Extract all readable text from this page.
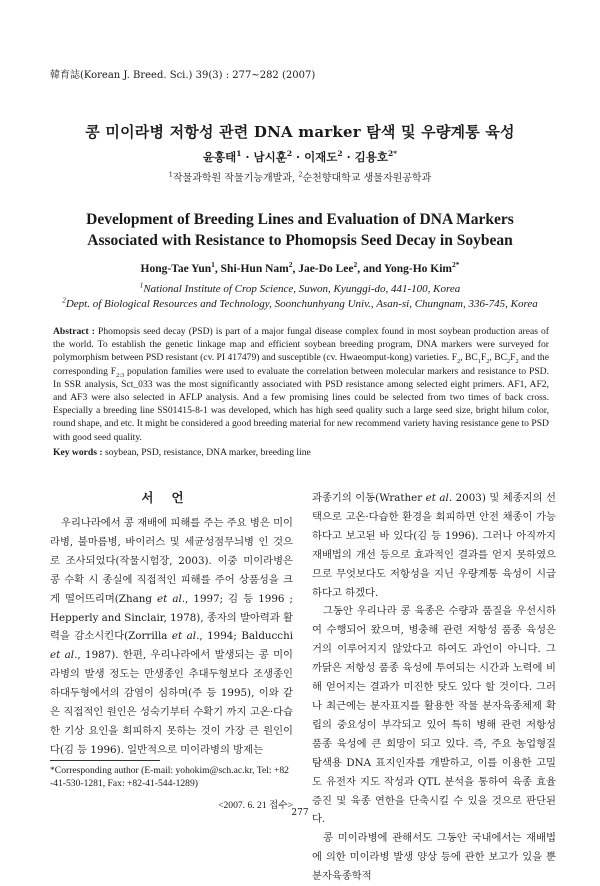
韓育誌(Korean J. Breed. Sci.) 39(3) : 277~282 (2007)
콩 미이라병 저항성 관련 DNA marker 탐색 및 우량계통 육성
윤홍태$^1$ · 남시훈$^2$ · 이재도$^2$ · 김용호$^{2*}$
$^1$작물과학원 작물기능개발과, $^2$순천향대학교 생물자원공학과
Development of Breeding Lines and Evaluation of DNA Markers
Associated with Resistance to Phomopsis Seed Decay in Soybean
Hong-Tae Yun$^1$, Shi-Hun Nam$^2$, Jae-Do Lee$^2$, and Yong-Ho Kim$^{2*}$
$^1$National Institute of Crop Science, Suwon, Kyunggi-do, 441-100, Korea
$^2$Dept. of Biological Resources and Technology, Soonchunhyang Univ., Asan-si, Chungnam, 336-745, Korea
Abstract : Phomopsis seed decay (PSD) is part of a major fungal disease complex found in most soybean production areas of the world. To establish the genetic linkage map and efficient soybean breeding program, DNA markers were surveyed for polymorphism between PSD resistant (cv. PI 417479) and susceptible (cv. Hwaeomput-kong) varieties. $F_2$, $BC_1F_2$, $BC_2F_2$ and the corresponding $F_{2:3}$ population families were used to evaluate the correlation between molecular markers and resistance to PSD. In SSR analysis, Sct_033 was the most significantly associated with PSD resistance among selected eight primers. AF1, AF2, and AF3 were also selected in AFLP analysis. And a few promising lines could be selected from two times of back cross. Especially a breeding line SS01415-8-1 was developed, which has high seed quality such a large seed size, bright hilum color, round shape, and etc. It might be considered a good breeding material for new recommend variety having resistance gene to PSD with good seed quality.
Key words : soybean, PSD, resistance, DNA marker, breeding line
서언

우리나라에서 콩 재배에 피해를 주는 주요 병은 미이라병, 불마름병, 바이러스 및 세균성점무늬병 인 것으로 조사되었다(작물시험장, 2003). 이중 미이라병은 콩 수확 시 종실에 직접적인 피해를 주어 상품성을 크게 떨어뜨리며(Zhang et al., 1997; 김 등 1996 ; Hepperly and Sinclair, 1978), 종자의 발아력과 활력을 감소시킨다(Zorrilla et al., 1994; Balducchi et al., 1987). 한편, 우리나라에서 발생되는 콩 미이라병의 발생 정도는 만생종인 추대두형보다 조생종인 하대두형에서의 감염이 심하며(주 등 1995), 이와 같은 직접적인 원인은 성숙기부터 수확기 까지 고온·다습한 기상 요인을 회피하지 못하는 것이 가장 큰 원인이다(김 등 1996). 일반적으로 미이라병의 방제는

과종기의 이동(Wrather et al. 2003) 및 체종지의 선택으로 고온·다습한 환경을 회피하면 안전 채종이 가능하다고 보고된 바 있다(김 등 1996). 그러나 아직까지 재배법의 개선 등으로 효과적인 결과를 얻지 못하였으므로 무엇보다도 저항성을 지닌 우량계통 육성이 시급하다고 하겠다.

그동안 우리나라 콩 육종은 수량과 품질을 우선시하여 수행되어 왔으며, 병충해 관련 저항성 품종 육성은 거의 이루어지지 않았다고 하여도 과언이 아니다. 그 까닭은 저항성 품종 육성에 투여되는 시간과 노력에 비해 얻어지는 결과가 미진한 탓도 있다 할 것이다. 그러나 최근에는 분자표지를 활용한 작물 분자육종체제 확립의 중요성이 부각되고 있어 특히 병해 관련 저항성 품종 육성에 큰 희망이 되고 있다. 즉, 주요 농업형질 탐색용 DNA 표지인자를 개발하고, 이를 이용한 고밀도 유전자 지도 작성과 QTL 분석을 통하여 육종 효율 증진 및 육종 연한을 단축시킬 수 있을 것으로 판단된다.

콩 미이라병에 관해서도 그동안 국내에서는 재배법에 의한 미이라병 발생 양상 등에 관한 보고가 있을 뿐 분자육종학적

*Corresponding author (E-mail: yohokim@sch.ac.kr, Tel: +82
-41-530-1281, Fax: +82-41-544-1289)
<2007. 6. 21 접수>
277
